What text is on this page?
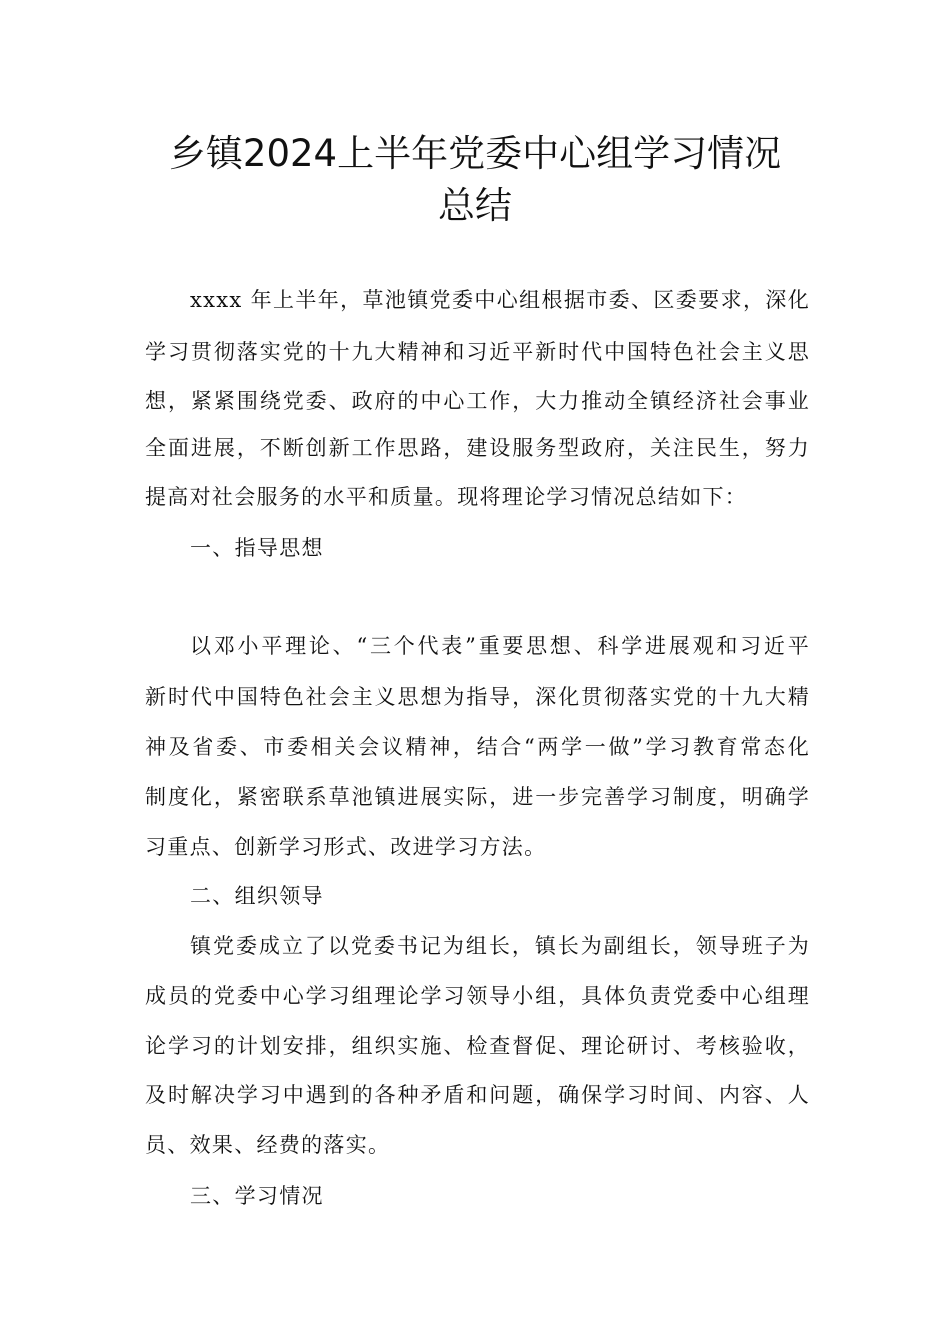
乡镇2024上半年党委中心组学习情况
总结
xxxx 年上半年，草池镇党委中心组根据市委、区委要求，深化
学习贯彻落实党的十九大精神和习近平新时代中国特色社会主义思
想，紧紧围绕党委、政府的中心工作，大力推动全镇经济社会事业
全面进展，不断创新工作思路，建设服务型政府，关注民生，努力
提高对社会服务的水平和质量。现将理论学习情况总结如下：
一、指导思想
以邓小平理论、“三个代表”重要思想、科学进展观和习近平
新时代中国特色社会主义思想为指导，深化贯彻落实党的十九大精
神及省委、市委相关会议精神，结合“两学一做”学习教育常态化
制度化，紧密联系草池镇进展实际，进一步完善学习制度，明确学
习重点、创新学习形式、改进学习方法。
二、组织领导
镇党委成立了以党委书记为组长，镇长为副组长，领导班子为
成员的党委中心学习组理论学习领导小组，具体负责党委中心组理
论学习的计划安排，组织实施、检查督促、理论研讨、考核验收，
及时解决学习中遇到的各种矛盾和问题，确保学习时间、内容、人
员、效果、经费的落实。
三、学习情况
